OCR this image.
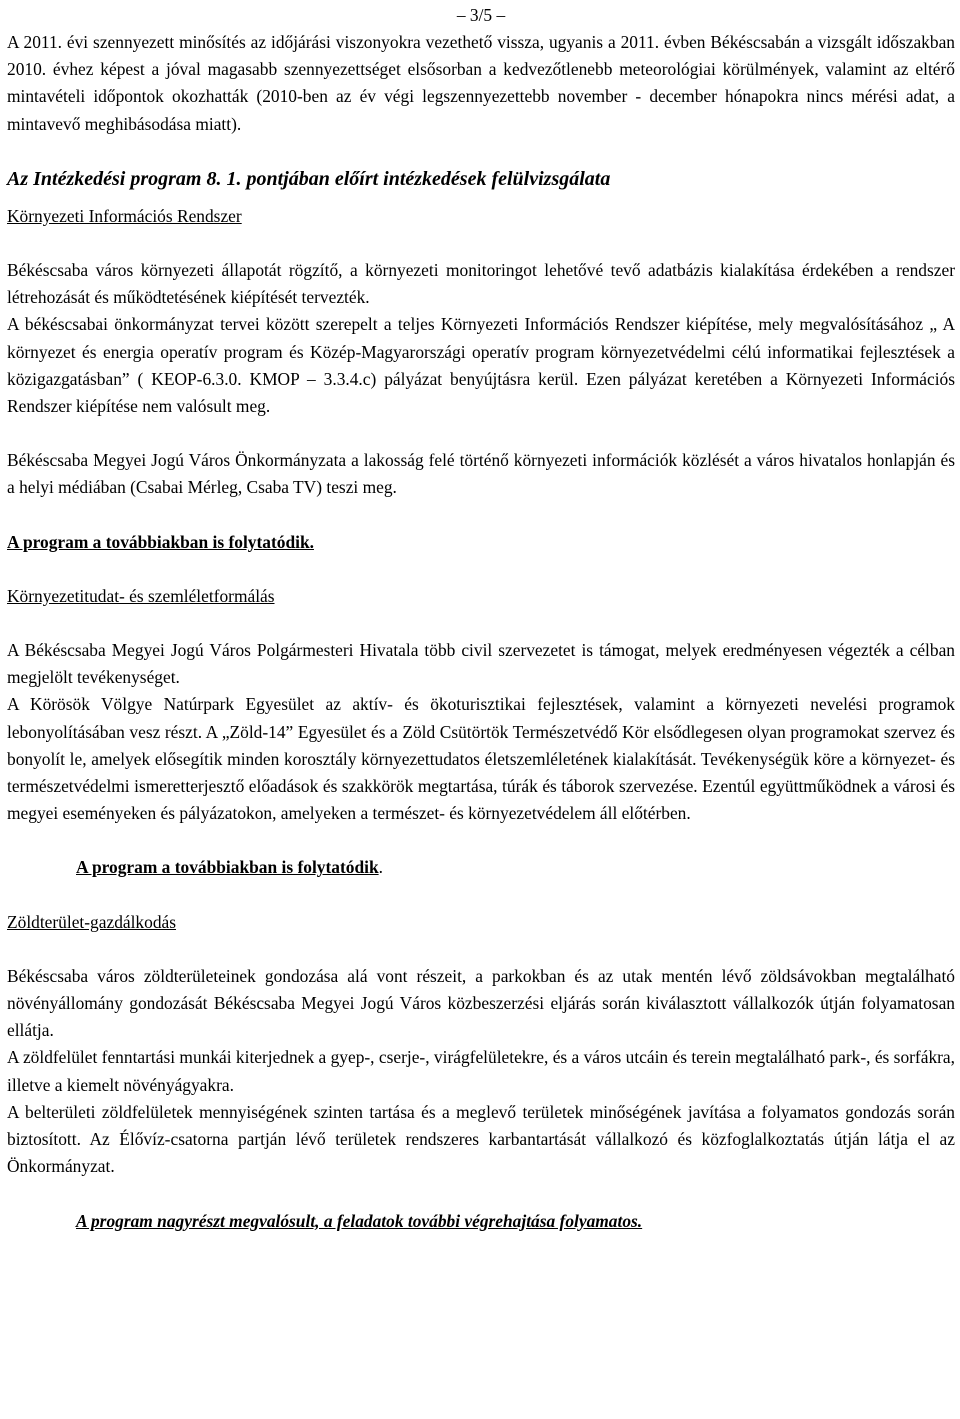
– 3/5 –

A 2011. évi szennyezett minősítés az időjárási viszonyokra vezethető vissza, ugyanis a 2011. évben Békéscsabán a vizsgált időszakban 2010. évhez képest a jóval magasabb szennyezettséget elsősorban a kedvezőtlenebb meteorológiai körülmények, valamint az eltérő mintavételi időpontok okozhatták (2010-ben az év végi legszennyezettebb november - december hónapokra nincs mérési adat, a mintavevő meghibásodása miatt).

Az Intézkedési program 8. 1. pontjában előírt intézkedések felülvizsgálata

Környezeti Információs Rendszer

Békéscsaba város környezeti állapotát rögzítő, a környezeti monitoringot lehetővé tevő adatbázis kialakítása érdekében a rendszer létrehozását és működtetésének kiépítését tervezték.

A békéscsabai önkormányzat tervei között szerepelt a teljes Környezeti Információs Rendszer kiépítése, mely megvalósításához „ A környezet és energia operatív program és Közép-Magyarországi operatív program környezetvédelmi célú informatikai fejlesztések a közigazgatásban” ( KEOP-6.3.0. KMOP – 3.3.4.c) pályázat benyújtásra kerül. Ezen pályázat keretében a Környezeti Információs Rendszer kiépítése nem valósult meg.

Békéscsaba Megyei Jogú Város Önkormányzata a lakosság felé történő környezeti információk közlését a város hivatalos honlapján és a helyi médiában (Csabai Mérleg, Csaba TV) teszi meg.

A program a továbbiakban is folytatódik.

Környezetitudat- és szemléletformálás

A Békéscsaba Megyei Jogú Város Polgármesteri Hivatala több civil szervezetet is támogat, melyek eredményesen végezték a célban megjelölt tevékenységet.

A Körösök Völgye Natúrpark Egyesület az aktív- és ökoturisztikai fejlesztések, valamint a környezeti nevelési programok lebonyolításában vesz részt. A „Zöld-14” Egyesület és a Zöld Csütörtök Természetvédő Kör elsődlegesen olyan programokat szervez és bonyolít le, amelyek elősegítik minden korosztály környezettudatos életszemléletének kialakítását. Tevékenységük köre a környezet- és természetvédelmi ismeretterjesztő előadások és szakkörök megtartása, túrák és táborok szervezése. Ezentúl együttműködnek a városi és megyei eseményeken és pályázatokon, amelyeken a természet- és környezetvédelem áll előtérben.

A program a továbbiakban is folytatódik.

Zöldterület-gazdálkodás

Békéscsaba város zöldterületeinek gondozása alá vont részeit, a parkokban és az utak mentén lévő zöldsávokban megtalálható növényállomány gondozását Békéscsaba Megyei Jogú Város közbeszerzési eljárás során kiválasztott vállalkozók útján folyamatosan ellátja.

A zöldfelület fenntartási munkái kiterjednek a gyep-, cserje-, virágfelületekre, és a város utcáin és terein megtalálható park-, és sorfákra, illetve a kiemelt növényágyakra.

A belterületi zöldfelületek mennyiségének szinten tartása és a meglevő területek minőségének javítása a folyamatos gondozás során biztosított. Az Élővíz-csatorna partján lévő területek rendszeres karbantartását vállalkozó és közfoglalkoztatás útján látja el az Önkormányzat.

A program nagyrészt megvalósult, a feladatok további végrehajtása folyamatos.
